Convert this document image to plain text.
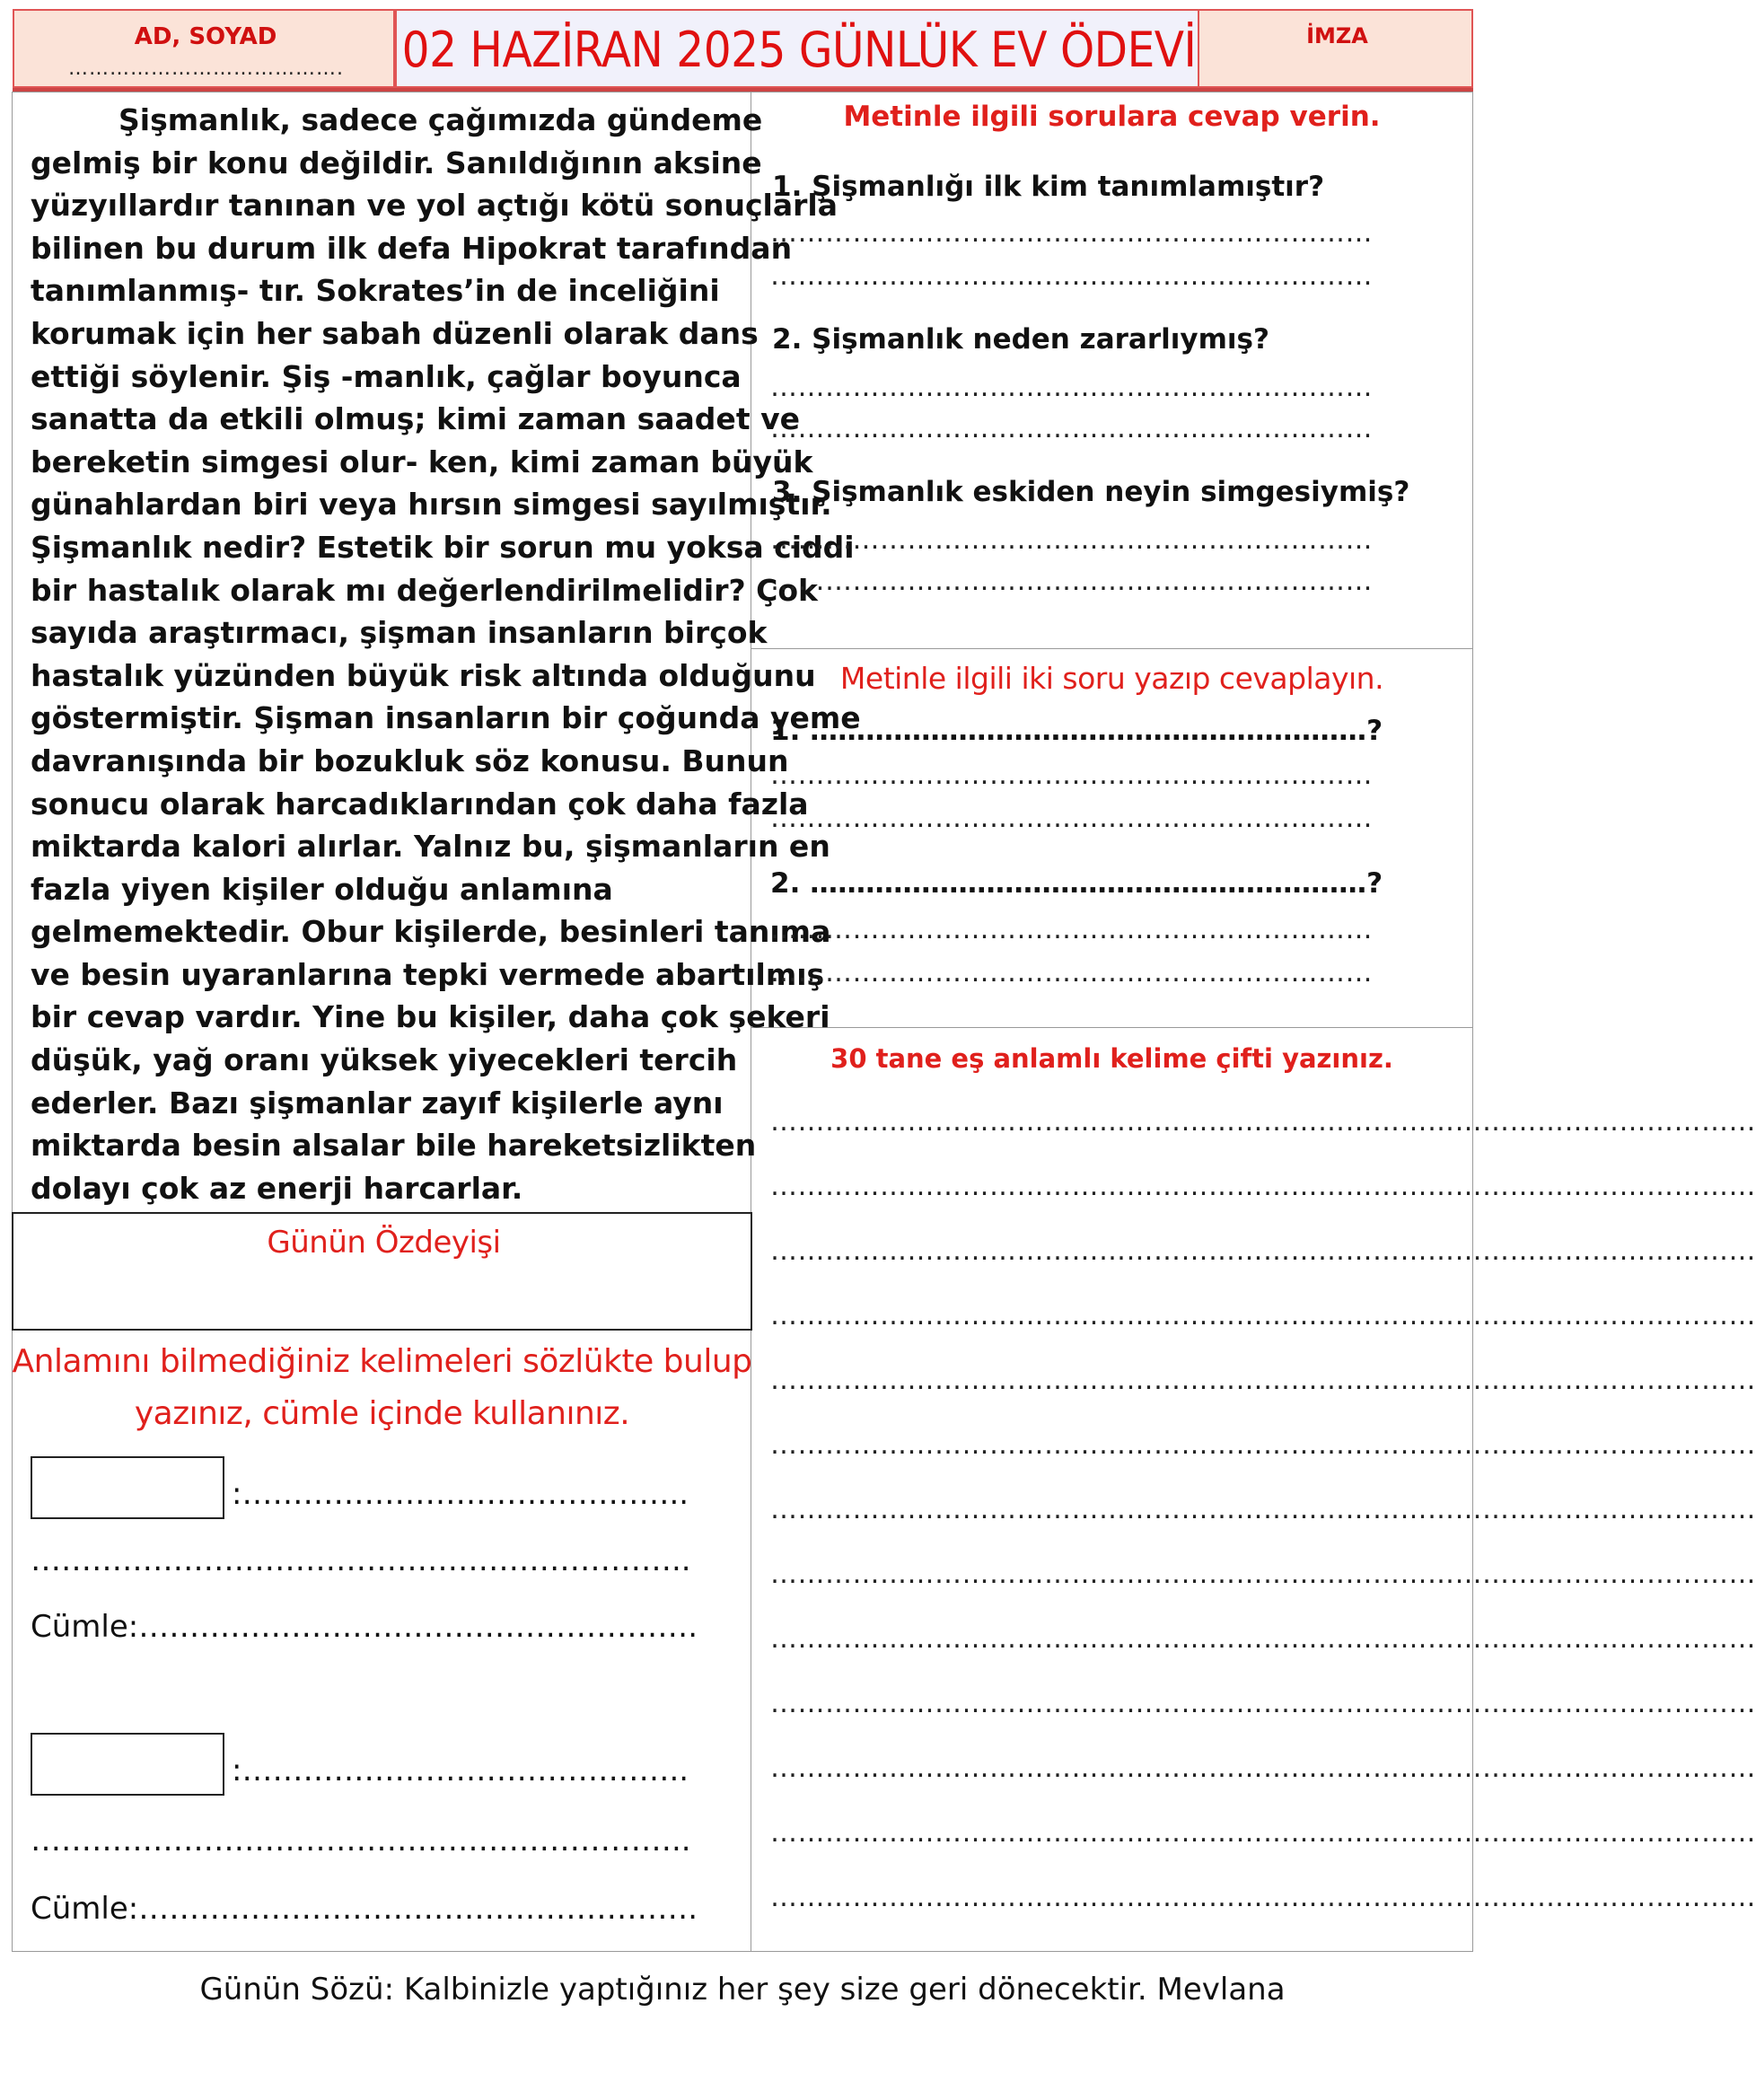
AD, SOYAD
………………………………….	02 HAZİRAN 2025 GÜNLÜK EV ÖDEVİ	İMZA
Şişmanlık, sadece çağımızda gündeme
gelmiş bir konu değildir. Sanıldığının aksine
yüzyıllardır tanınan ve yol açtığı kötü sonuçlarla
bilinen bu durum ilk defa Hipokrat tarafından
tanımlanmış- tır. Sokrates’in de inceliğini
korumak için her sabah düzenli olarak dans
ettiği söylenir. Şiş -manlık, çağlar boyunca
sanatta da etkili olmuş; kimi zaman saadet ve
bereketin simgesi olur- ken, kimi zaman büyük
günahlardan biri veya hırsın simgesi sayılmıştır.
Şişmanlık nedir? Estetik bir sorun mu yoksa ciddi
bir hastalık olarak mı değerlendirilmelidir? Çok
sayıda araştırmacı, şişman insanların birçok
hastalık yüzünden büyük risk altında olduğunu
göstermiştir. Şişman insanların bir çoğunda yeme
davranışında bir bozukluk söz konusu. Bunun
sonucu olarak harcadıklarından çok daha fazla
miktarda kalori alırlar. Yalnız bu, şişmanların en
fazla yiyen kişiler olduğu anlamına
gelmemektedir. Obur kişilerde, besinleri tanıma
ve besin uyaranlarına tepki vermede abartılmış
bir cevap vardır. Yine bu kişiler, daha çok şekeri
düşük, yağ oranı yüksek yiyecekleri tercih
ederler. Bazı şişmanlar zayıf kişilerle aynı
miktarda besin alsalar bile hareketsizlikten
dolayı çok az enerji harcarlar.
Günün Özdeyişi
Anlamını bilmediğiniz kelimeleri sözlükte bulup
yazınız, cümle içinde kullanınız.
:……………………………………..
………………………………………………………..
Cümle:……………………………………………….
:……………………………………..
………………………………………………………..
Cümle:……………………………………………….
Metinle ilgili sorulara cevap verin.
1. Şişmanlığı ilk kim tanımlamıştır?
…………………………………………………………
…………………………………………………………
2. Şişmanlık neden zararlıymış?
…………………………………………………………
…………………………………………………………
3. Şişmanlık eskiden neyin simgesiymiş?
…………………………………………………………
…………………………………………………………
Metinle ilgili iki soru yazıp cevaplayın.
1. ……………………………………………………?
…………………………………………………………
…………………………………………………………
2. ……………………………………………………?
…………………………………………………………
…………………………………………………………
30 tane eş anlamlı kelime çifti yazınız.
………………………………………………………………………………………………
………………………………………………………………………………………………
………………………………………………………………………………………………
………………………………………………………………………………………………
………………………………………………………………………………………………
………………………………………………………………………………………………
………………………………………………………………………………………………
………………………………………………………………………………………………
………………………………………………………………………………………………
………………………………………………………………………………………………
………………………………………………………………………………………………
………………………………………………………………………………………………
………………………………………………………………………………………………
Günün Sözü: Kalbinizle yaptığınız her şey size geri dönecektir. Mevlana
